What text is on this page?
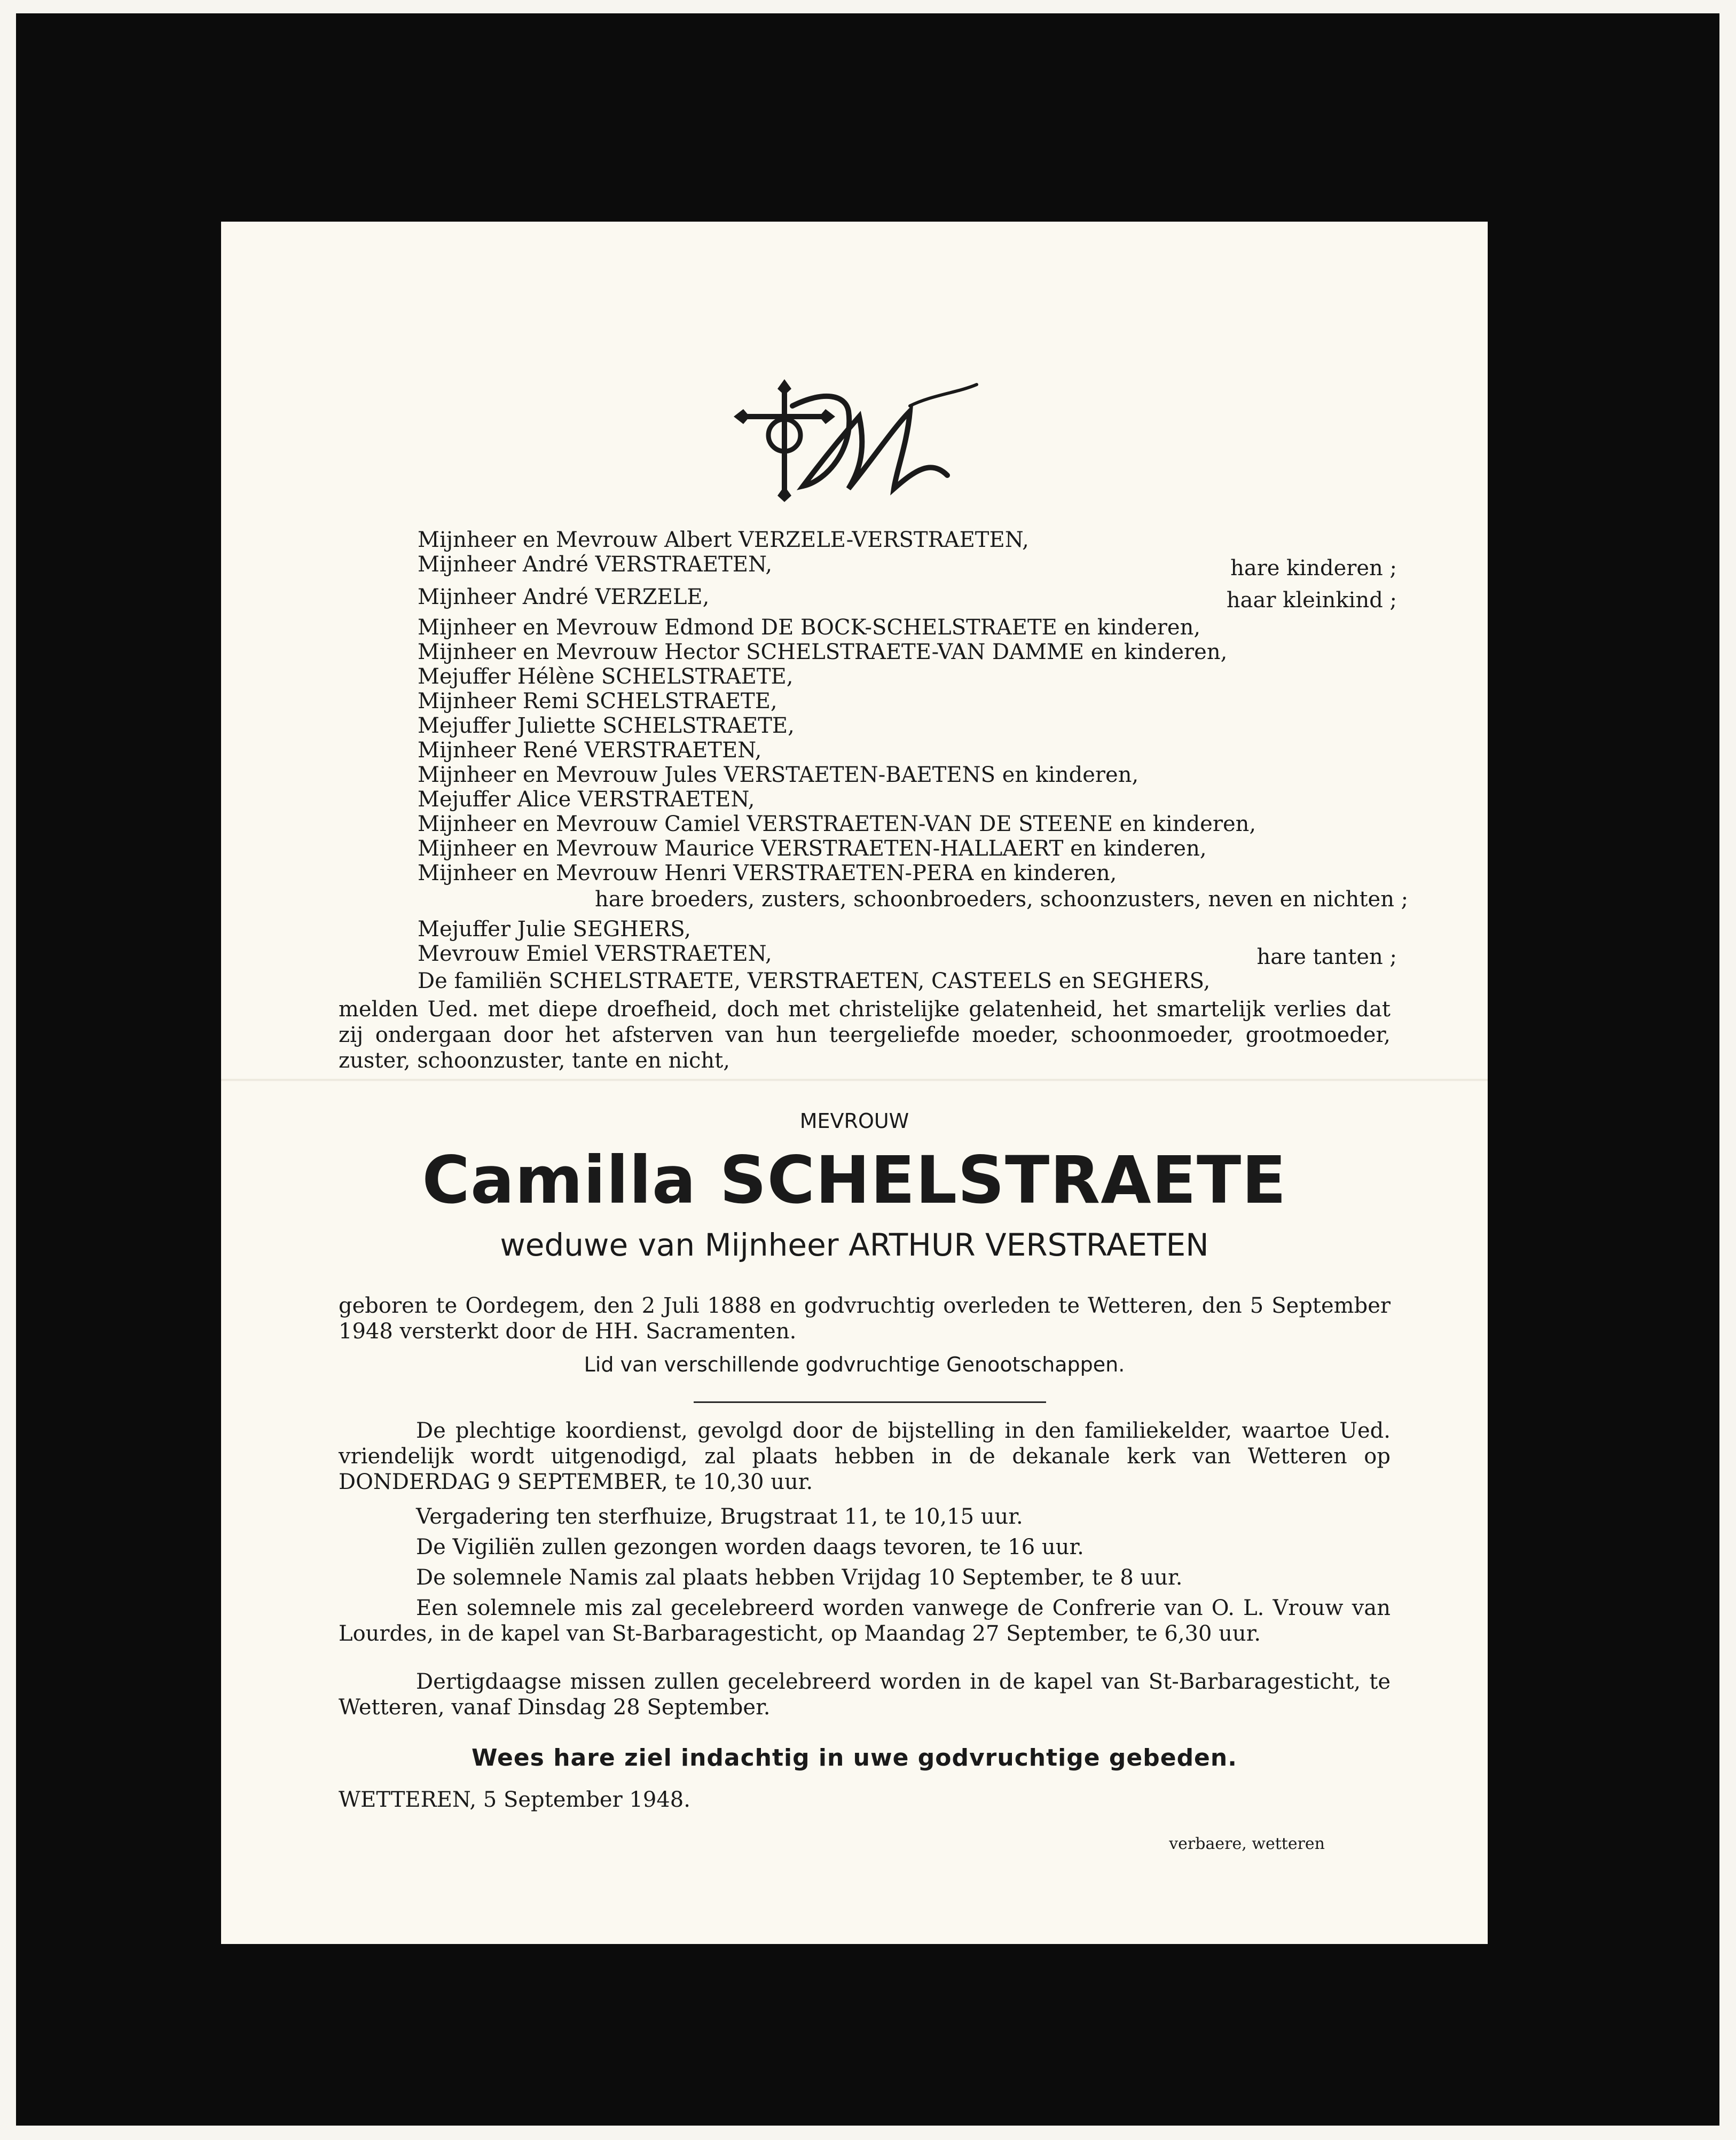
Mijnheer en Mevrouw Albert VERZELE-VERSTRAETEN,
Mijnheer André VERSTRAETEN,	hare kinderen ;
Mijnheer André VERZELE,	haar kleinkind ;
Mijnheer en Mevrouw Edmond DE BOCK-SCHELSTRAETE en kinderen,
Mijnheer en Mevrouw Hector SCHELSTRAETE-VAN DAMME en kinderen,
Mejuffer Hélène SCHELSTRAETE,
Mijnheer Remi SCHELSTRAETE,
Mejuffer Juliette SCHELSTRAETE,
Mijnheer René VERSTRAETEN,
Mijnheer en Mevrouw Jules VERSTAETEN-BAETENS en kinderen,
Mejuffer Alice VERSTRAETEN,
Mijnheer en Mevrouw Camiel VERSTRAETEN-VAN DE STEENE en kinderen,
Mijnheer en Mevrouw Maurice VERSTRAETEN-HALLAERT en kinderen,
Mijnheer en Mevrouw Henri VERSTRAETEN-PERA en kinderen,
hare broeders, zusters, schoonbroeders, schoonzusters, neven en nichten ;
Mejuffer Julie SEGHERS,
Mevrouw Emiel VERSTRAETEN,	hare tanten ;
De familiën SCHELSTRAETE, VERSTRAETEN, CASTEELS en SEGHERS,
melden Ued. met diepe droefheid, doch met christelijke gelatenheid, het smartelijk verlies dat zij ondergaan door het afsterven van hun teergeliefde moeder, schoonmoeder, grootmoeder, zuster, schoonzuster, tante en nicht,
MEVROUW
Camilla SCHELSTRAETE
weduwe van Mijnheer ARTHUR VERSTRAETEN
geboren te Oordegem, den 2 Juli 1888 en godvruchtig overleden te Wetteren, den 5 September 1948 versterkt door de HH. Sacramenten.
Lid van verschillende godvruchtige Genootschappen.
De plechtige koordienst, gevolgd door de bijstelling in den familiekelder, waartoe Ued. vriendelijk wordt uitgenodigd, zal plaats hebben in de dekanale kerk van Wetteren op DONDERDAG 9 SEPTEMBER, te 10,30 uur.
Vergadering ten sterfhuize, Brugstraat 11, te 10,15 uur.
De Vigiliën zullen gezongen worden daags tevoren, te 16 uur.
De solemnele Namis zal plaats hebben Vrijdag 10 September, te 8 uur.
Een solemnele mis zal gecelebreerd worden vanwege de Confrerie van O. L. Vrouw van Lourdes, in de kapel van St-Barbaragesticht, op Maandag 27 September, te 6,30 uur.
Dertigdaagse missen zullen gecelebreerd worden in de kapel van St-Barbaragesticht, te Wetteren, vanaf Dinsdag 28 September.
Wees hare ziel indachtig in uwe godvruchtige gebeden.
WETTEREN, 5 September 1948.
verbaere, wetteren
